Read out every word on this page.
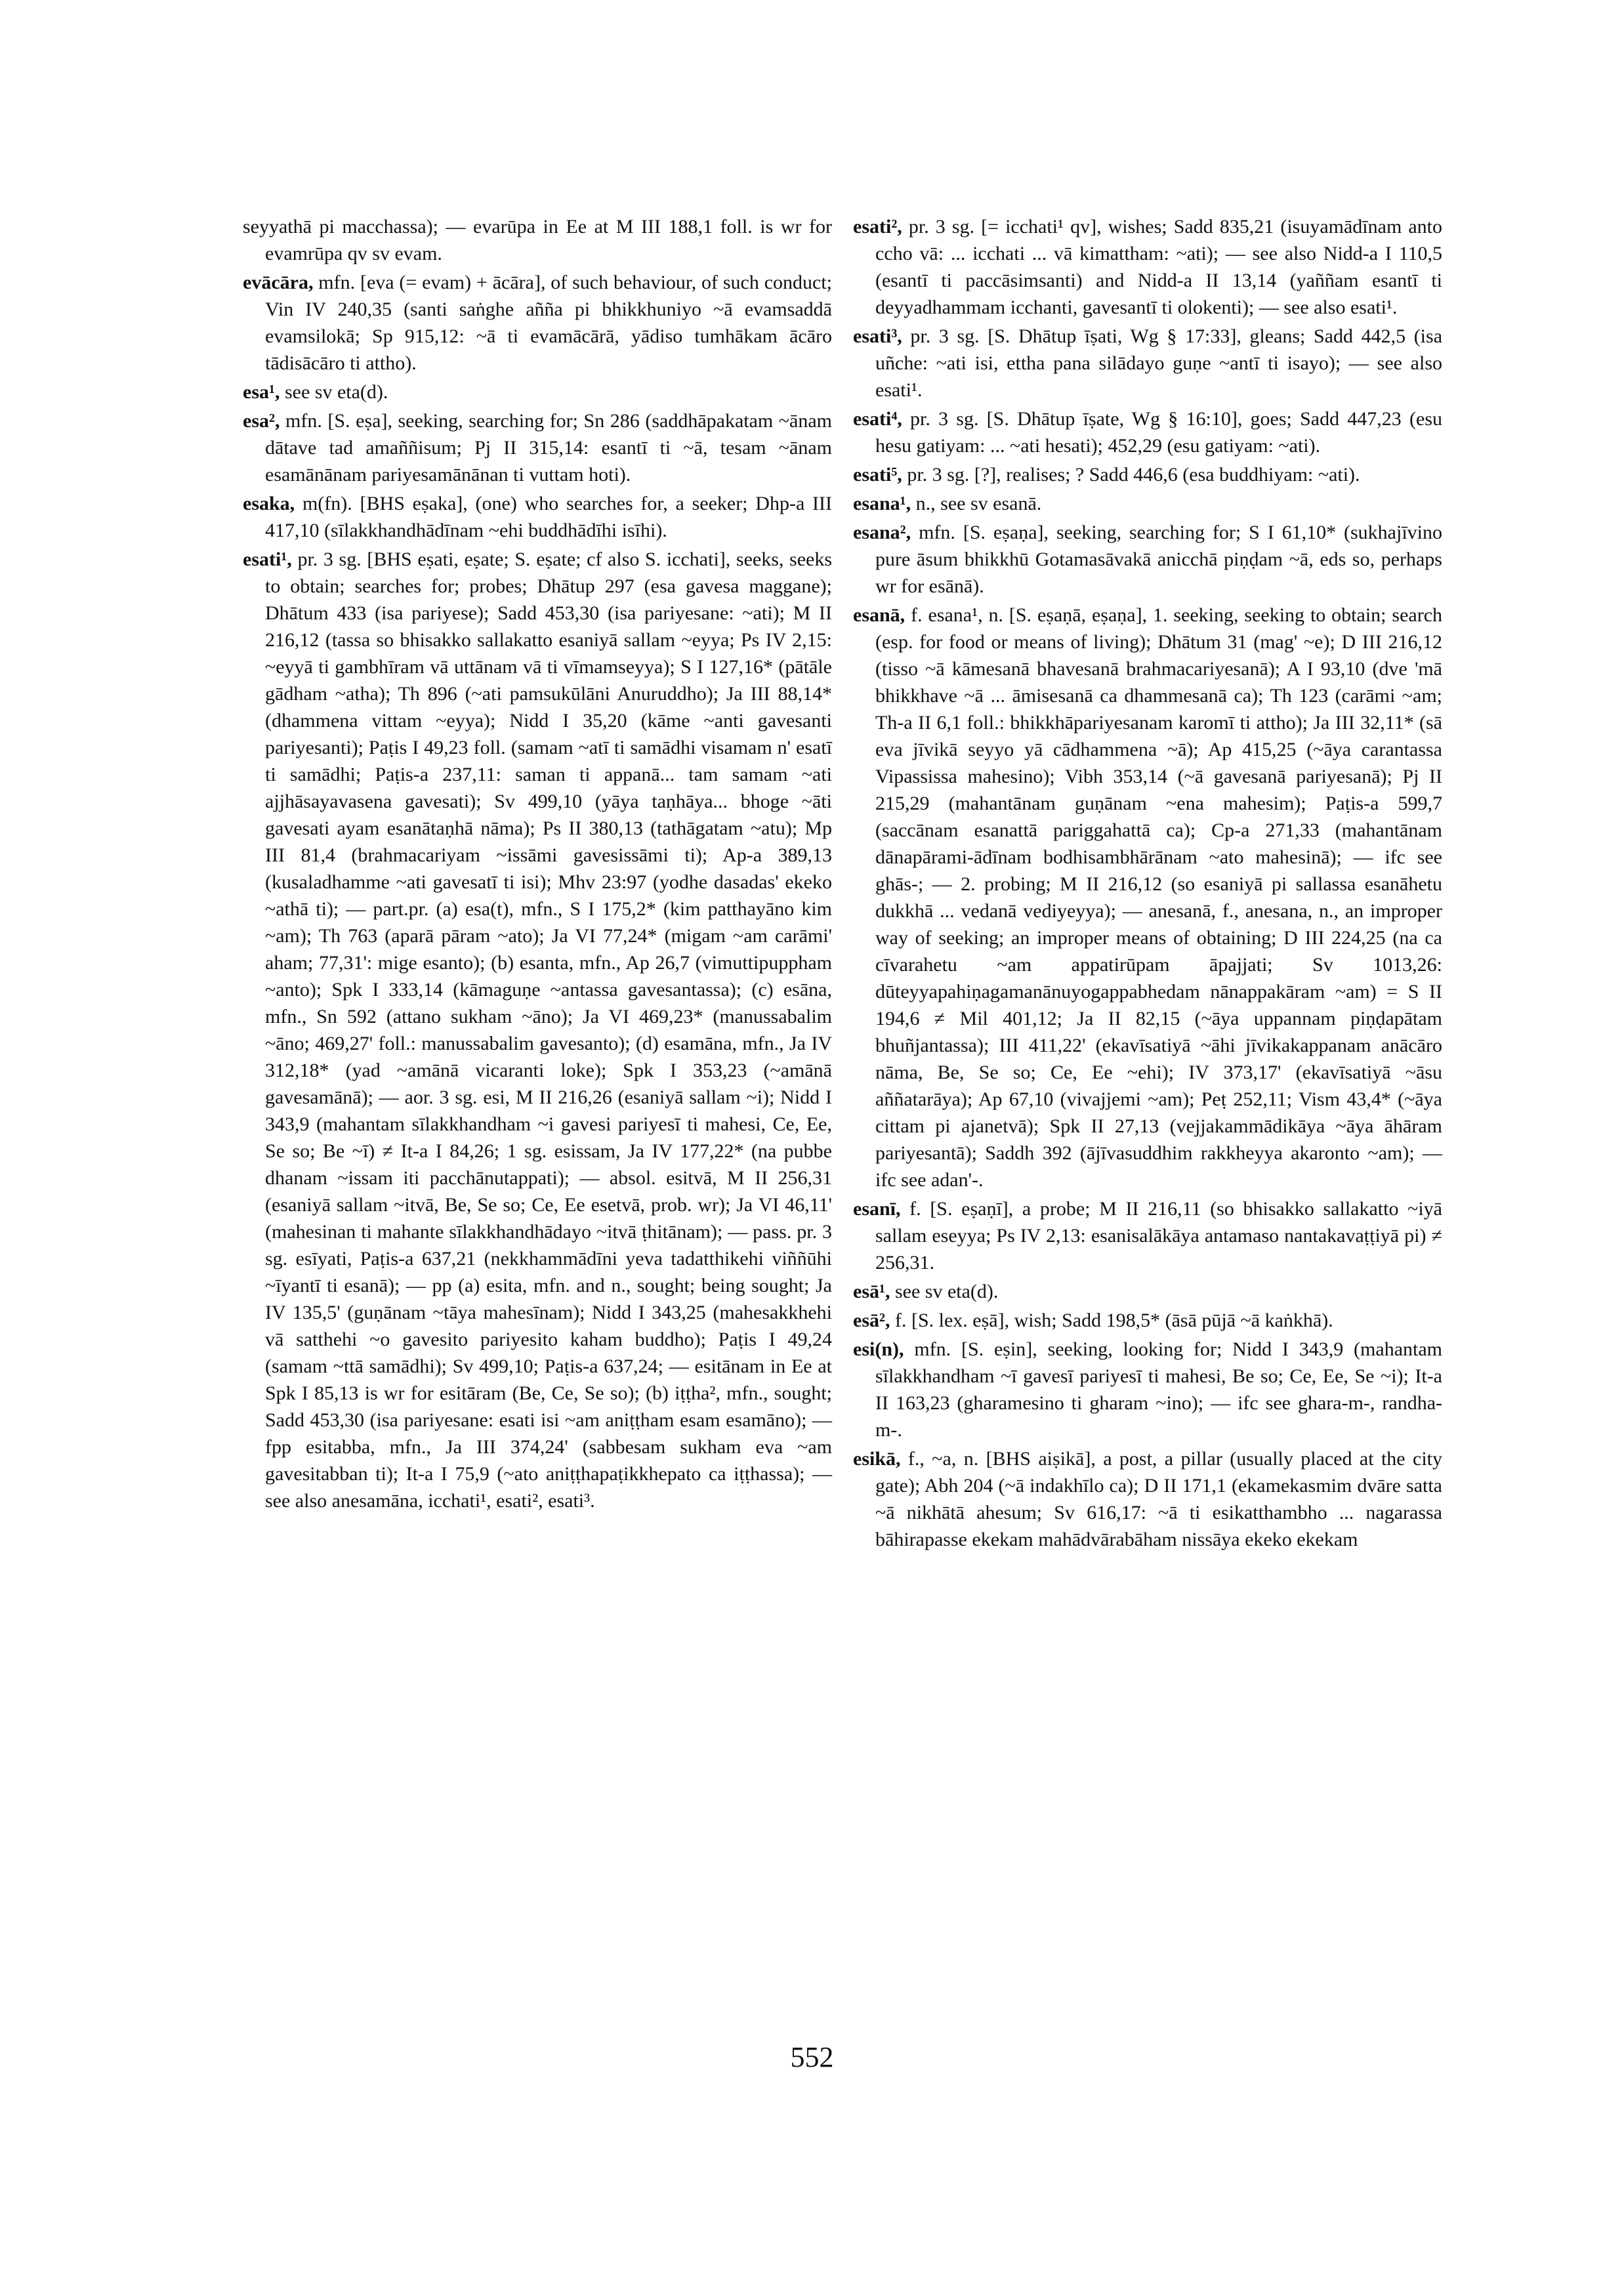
seyyathā pi macchassa); — evarūpa in Ee at M III 188,1 foll. is wr for evamrūpa qv sv evam.

evācāra, mfn. [eva (= evam) + ācāra], of such behaviour, of such conduct; Vin IV 240,35 (santi saṅghe añña pi bhikkhuniyo ~ā evamsaddā evamsilokā; Sp 915,12: ~ā ti evamācārā, yādiso tumhākam ācāro tādisācāro ti attho).

esa¹, see sv eta(d).

esa², mfn. [S. eṣa], seeking, searching for; Sn 286 (saddhāpakatam ~ānam dātave tad amaññisum; Pj II 315,14: esantī ti ~ā, tesam ~ānam esamānānam pariyesamānānan ti vuttam hoti).

esaka, m(fn). [BHS eṣaka], (one) who searches for, a seeker; Dhp-a III 417,10 (sīlakkhandhādīnam ~ehi buddhādīhi isīhi).

esati¹, pr. 3 sg. [BHS eṣati, eṣate; S. eṣate; cf also S. icchati], seeks, seeks to obtain; searches for; probes; Dhātup 297 (esa gavesa maggane); Dhātum 433 (isa pariyese); Sadd 453,30 (isa pariyesane: ~ati); M II 216,12 (tassa so bhisakko sallakatto esaniyā sallam ~eyya; Ps IV 2,15: ~eyyā ti gambhīram vā uttānam vā ti vīmamseyya); S I 127,16* (pātāle gādham ~atha); Th 896 (~ati pamsukūlāni Anuruddho); Ja III 88,14* (dhammena vittam ~eyya); Nidd I 35,20 (kāme ~anti gavesanti pariyesanti); Paṭis I 49,23 foll. (samam ~atī ti samādhi visamam n' esatī ti samādhi; Paṭis-a 237,11: saman ti appanā... tam samam ~ati ajjhāsayavasena gavesati); Sv 499,10 (yāya taṇhāya... bhoge ~āti gavesati ayam esanātaṇhā nāma); Ps II 380,13 (tathāgatam ~atu); Mp III 81,4 (brahmacariyam ~issāmi gavesissāmi ti); Ap-a 389,13 (kusaladhamme ~ati gavesatī ti isi); Mhv 23:97 (yodhe dasadas' ekeko ~athā ti); — part.pr. (a) esa(t), mfn., S I 175,2* (kim patthayāno kim ~am); Th 763 (aparā pāram ~ato); Ja VI 77,24* (migam ~am carāmi' aham; 77,31': mige esanto); (b) esanta, mfn., Ap 26,7 (vimuttipuppham ~anto); Spk I 333,14 (kāmaguṇe ~antassa gavesantassa); (c) esāna, mfn., Sn 592 (attano sukham ~āno); Ja VI 469,23* (manussabalim ~āno; 469,27' foll.: manussabalim gavesanto); (d) esamāna, mfn., Ja IV 312,18* (yad ~amānā vicaranti loke); Spk I 353,23 (~amānā gavesamānā); — aor. 3 sg. esi, M II 216,26 (esaniyā sallam ~i); Nidd I 343,9 (mahantam sīlakkhandham ~i gavesi pariyesī ti mahesi, Ce, Ee, Se so; Be ~ī) ≠ It-a I 84,26; 1 sg. esissam, Ja IV 177,22* (na pubbe dhanam ~issam iti pacchānutappati); — absol. esitvā, M II 256,31 (esaniyā sallam ~itvā, Be, Se so; Ce, Ee esetvā, prob. wr); Ja VI 46,11' (mahesinan ti mahante sīlakkhandhādayo ~itvā ṭhitānam); — pass. pr. 3 sg. esīyati, Paṭis-a 637,21 (nekkhammādīni yeva tadatthikehi viññūhi ~īyantī ti esanā); — pp (a) esita, mfn. and n., sought; being sought; Ja IV 135,5' (guṇānam ~tāya mahesīnam); Nidd I 343,25 (mahesakkhehi vā satthehi ~o gavesito pariyesito kaham buddho); Paṭis I 49,24 (samam ~ttā samādhi); Sv 499,10; Paṭis-a 637,24; — esitānam in Ee at Spk I 85,13 is wr for esitāram (Be, Ce, Se so); (b) iṭṭha², mfn., sought; Sadd 453,30 (isa pariyesane: esati isi ~am aniṭṭham esam esamāno); — fpp esitabba, mfn., Ja III 374,24' (sabbesam sukham eva ~am gavesitabban ti); It-a I 75,9 (~ato aniṭṭhapaṭikkhepato ca iṭṭhassa); — see also anesamāna, icchati¹, esati², esati³.

esati², pr. 3 sg. [= icchati¹ qv], wishes; Sadd 835,21 (isuyamādīnam anto ccho vā: ... icchati ... vā kimattham: ~ati); — see also Nidd-a I 110,5 (esantī ti paccāsimsanti) and Nidd-a II 13,14 (yaññam esantī ti deyyadhammam icchanti, gavesantī ti olokenti); — see also esati¹.

esati³, pr. 3 sg. [S. Dhātup īṣati, Wg § 17:33], gleans; Sadd 442,5 (isa uñche: ~ati isi, ettha pana silādayo guṇe ~antī ti isayo); — see also esati¹.

esati⁴, pr. 3 sg. [S. Dhātup īṣate, Wg § 16:10], goes; Sadd 447,23 (esu hesu gatiyam: ... ~ati hesati); 452,29 (esu gatiyam: ~ati).

esati⁵, pr. 3 sg. [?], realises; ? Sadd 446,6 (esa buddhiyam: ~ati).

esana¹, n., see sv esanā.

esana², mfn. [S. eṣaṇa], seeking, searching for; S I 61,10* (sukhajīvino pure āsum bhikkhū Gotamasāvakā anicchā piṇḍam ~ā, eds so, perhaps wr for esānā).

esanā, f. esana¹, n. [S. eṣaṇā, eṣaṇa], 1. seeking, seeking to obtain; search (esp. for food or means of living); Dhātum 31 (mag' ~e); D III 216,12 (tisso ~ā kāmesanā bhavesanā brahmacariyesanā); A I 93,10 (dve 'mā bhikkhave ~ā ... āmisesanā ca dhammesanā ca); Th 123 (carāmi ~am; Th-a II 6,1 foll.: bhikkhāpariyesanam karomī ti attho); Ja III 32,11* (sā eva jīvikā seyyo yā cādhammena ~ā); Ap 415,25 (~āya carantassa Vipassissa mahesino); Vibh 353,14 (~ā gavesanā pariyesanā); Pj II 215,29 (mahantānam guṇānam ~ena mahesim); Paṭis-a 599,7 (saccānam esanattā pariggahattā ca); Cp-a 271,33 (mahantānam dānapārami-ādīnam bodhisambhārānam ~ato mahesinā); — ifc see ghās-; — 2. probing; M II 216,12 (so esaniyā pi sallassa esanāhetu dukkhā ... vedanā vediyeyya); — anesanā, f., anesana, n., an improper way of seeking; an improper means of obtaining; D III 224,25 (na ca cīvarahetu ~am appatirūpam āpajjati; Sv 1013,26: dūteyyapahiṇagamanānuyogappabhedam nānappakāram ~am) = S II 194,6 ≠ Mil 401,12; Ja II 82,15 (~āya uppannam piṇḍapātam bhuñjantassa); III 411,22' (ekavīsatiyā ~āhi jīvikakappanam anācāro nāma, Be, Se so; Ce, Ee ~ehi); IV 373,17' (ekavīsatiyā ~āsu aññatarāya); Ap 67,10 (vivajjemi ~am); Peṭ 252,11; Vism 43,4* (~āya cittam pi ajanetvā); Spk II 27,13 (vejjakammādikāya ~āya āhāram pariyesantā); Saddh 392 (ājīvasuddhim rakkheyya akaronto ~am); — ifc see adan'-.

esanī, f. [S. eṣaṇī], a probe; M II 216,11 (so bhisakko sallakatto ~iyā sallam eseyya; Ps IV 2,13: esanisalākāya antamaso nantakavaṭṭiyā pi) ≠ 256,31.

esā¹, see sv eta(d).

esā², f. [S. lex. eṣā], wish; Sadd 198,5* (āsā pūjā ~ā kaṅkhā).

esi(n), mfn. [S. eṣin], seeking, looking for; Nidd I 343,9 (mahantam sīlakkhandham ~ī gavesī pariyesī ti mahesi, Be so; Ce, Ee, Se ~i); It-a II 163,23 (gharamesino ti gharam ~ino); — ifc see ghara-m-, randha-m-.

esikā, f., ~a, n. [BHS aiṣikā], a post, a pillar (usually placed at the city gate); Abh 204 (~ā indakhīlo ca); D II 171,1 (ekamekasmim dvāre satta ~ā nikhātā ahesum; Sv 616,17: ~ā ti esikatthambho ... nagarassa bāhirapasse ekekam mahādvārabāham nissāya ekeko ekekam

552
